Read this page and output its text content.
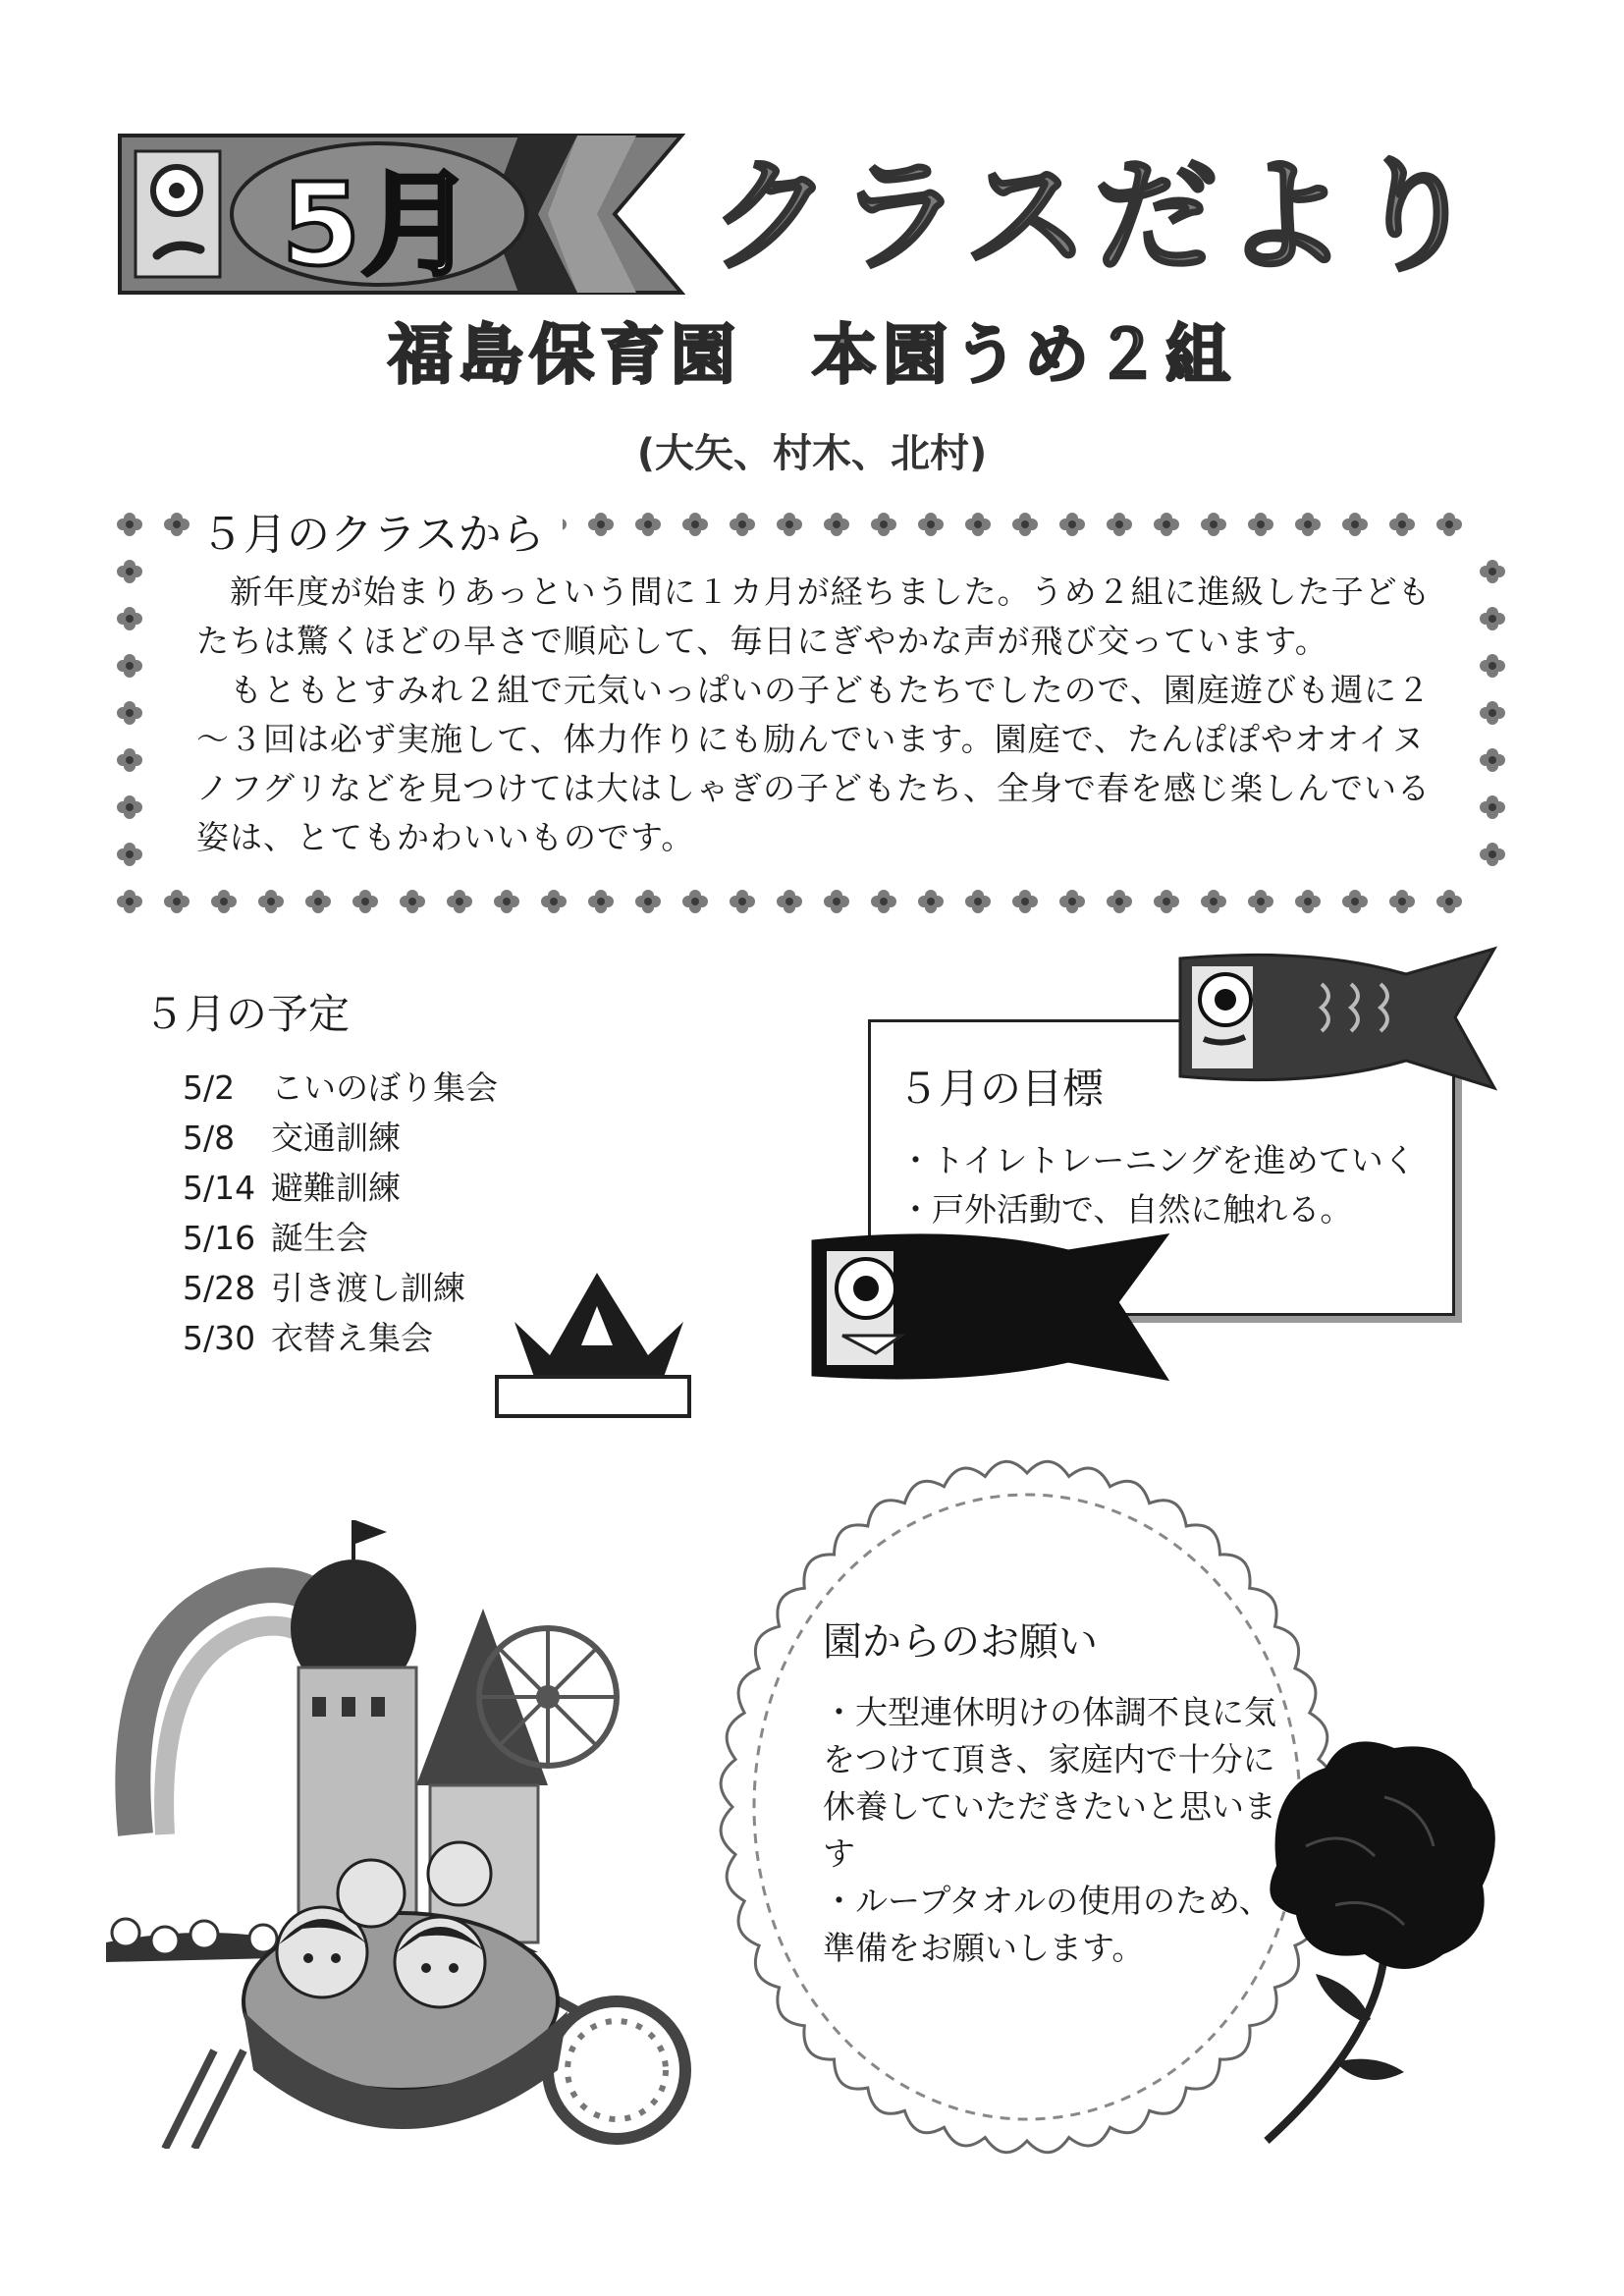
5月 クラスだより
福島保育園　本園うめ２組
(大矢、村木、北村)
５月のクラスから

新年度が始まりあっという間に１カ月が経ちました。うめ２組に進級した子どもたちは驚くほどの早さで順応して、毎日にぎやかな声が飛び交っています。

もともとすみれ２組で元気いっぱいの子どもたちでしたので、園庭遊びも週に２～３回は必ず実施して、体力作りにも励んでいます。園庭で、たんぽぽやオオイヌノフグリなどを見つけては大はしゃぎの子どもたち、全身で春を感じ楽しんでいる姿は、とてもかわいいものです。

５月の予定
5/2 こいのぼり集会
5/8 交通訓練
5/14 避難訓練
5/16 誕生会
5/28 引き渡し訓練
5/30 衣替え集会
５月の目標
・トイレトレーニングを進めていく
・戸外活動で、自然に触れる。
園からのお願い

・大型連休明けの体調不良に気をつけて頂き、家庭内で十分に休養していただきたいと思います

・ループタオルの使用のため、準備をお願いします。
